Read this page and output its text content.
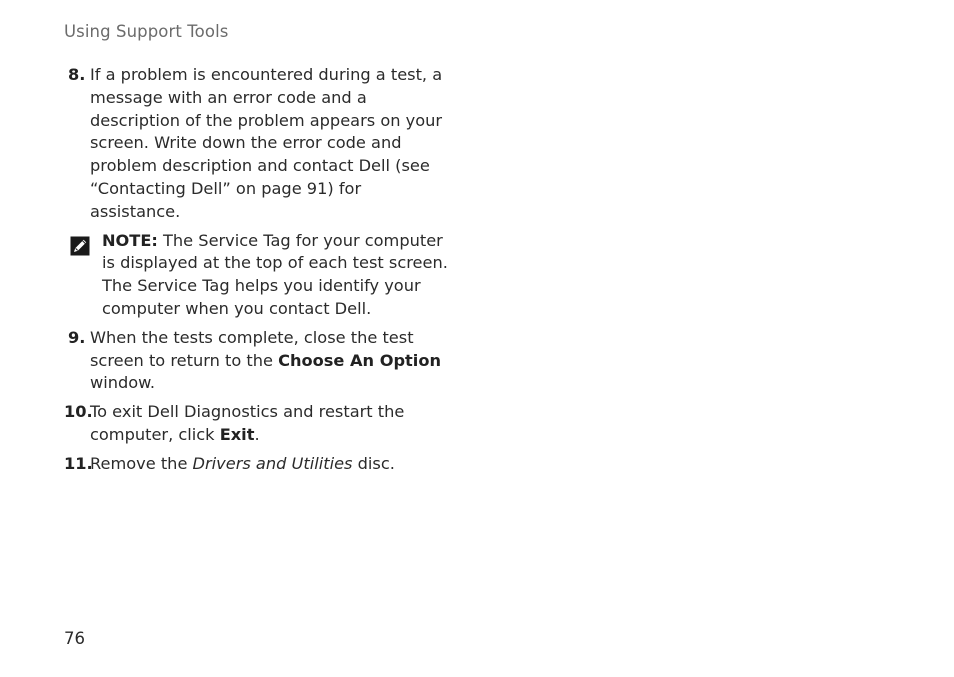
Using Support Tools
8. If a problem is encountered during a test, a message with an error code and a description of the problem appears on your screen. Write down the error code and problem description and contact Dell (see “Contacting Dell” on page 91) for assistance.

NOTE: The Service Tag for your computer is displayed at the top of each test screen. The Service Tag helps you identify your computer when you contact Dell.

9. When the tests complete, close the test screen to return to the Choose An Option window.

10.

To exit Dell Diagnostics and restart the computer, click Exit.

11.

Remove the Drivers and Utilities disc.

76
